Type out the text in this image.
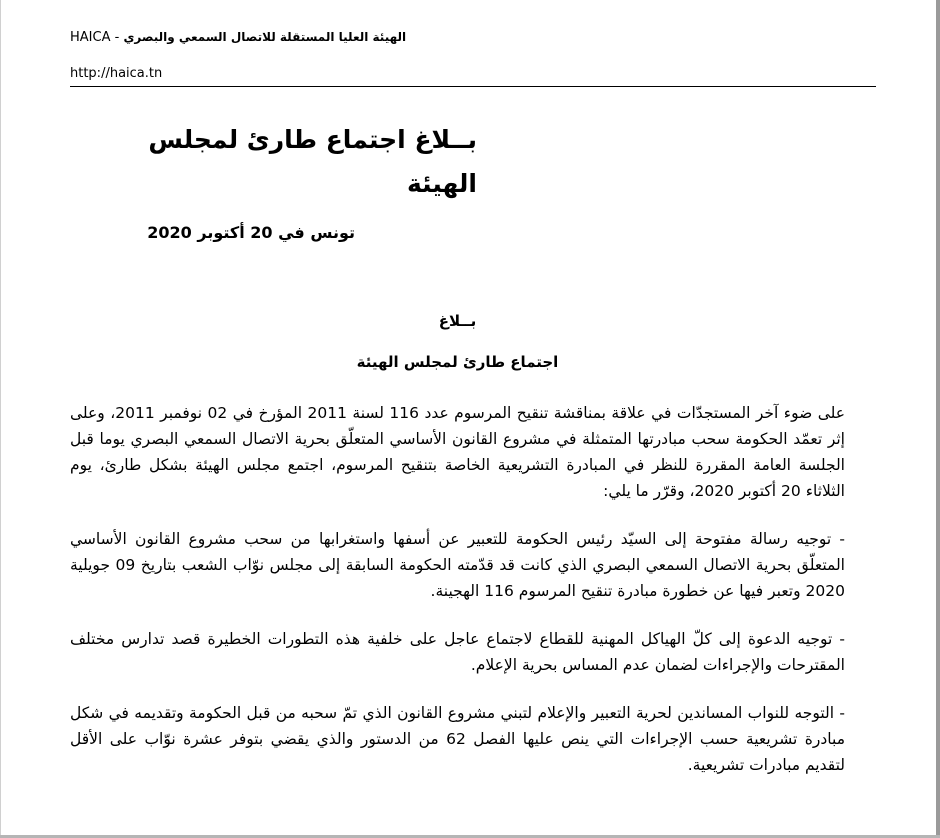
HAICA - الهيئة العليا المستقلة للاتصال السمعي والبصري
http://haica.tn
بــلاغ اجتماع طارئ لمجلس الهيئة
تونس في 20 أكتوبر 2020
بــلاغ
اجتماع طارئ لمجلس الهيئة

على ضوء آخر المستجدّات في علاقة بمناقشة تنقيح المرسوم عدد 116 لسنة 2011 المؤرخ في 02 نوفمبر 2011، وعلى إثر تعمّد الحكومة سحب مبادرتها المتمثلة في مشروع القانون الأساسي المتعلّق بحرية الاتصال السمعي البصري يوما قبل الجلسة العامة المقررة للنظر في المبادرة التشريعية الخاصة بتنقيح المرسوم، اجتمع مجلس الهيئة بشكل طارئ، يوم الثلاثاء 20 أكتوبر 2020، وقرّر ما يلي:

- توجيه رسالة مفتوحة إلى السيّد رئيس الحكومة للتعبير عن أسفها واستغرابها من سحب مشروع القانون الأساسي المتعلّق بحرية الاتصال السمعي البصري الذي كانت قد قدّمته الحكومة السابقة إلى مجلس نوّاب الشعب بتاريخ 09 جويلية 2020 وتعبر فيها عن خطورة مبادرة تنقيح المرسوم 116 الهجينة.

- توجيه الدعوة إلى كلّ الهياكل المهنية للقطاع لاجتماع عاجل على خلفية هذه التطورات الخطيرة قصد تدارس مختلف المقترحات والإجراءات لضمان عدم المساس بحرية الإعلام.

- التوجه للنواب المساندين لحرية التعبير والإعلام لتبني مشروع القانون الذي تمّ سحبه من قبل الحكومة وتقديمه في شكل مبادرة تشريعية حسب الإجراءات التي ينص عليها الفصل 62 من الدستور والذي يقضي بتوفر عشرة نوّاب على الأقل لتقديم مبادرات تشريعية.
